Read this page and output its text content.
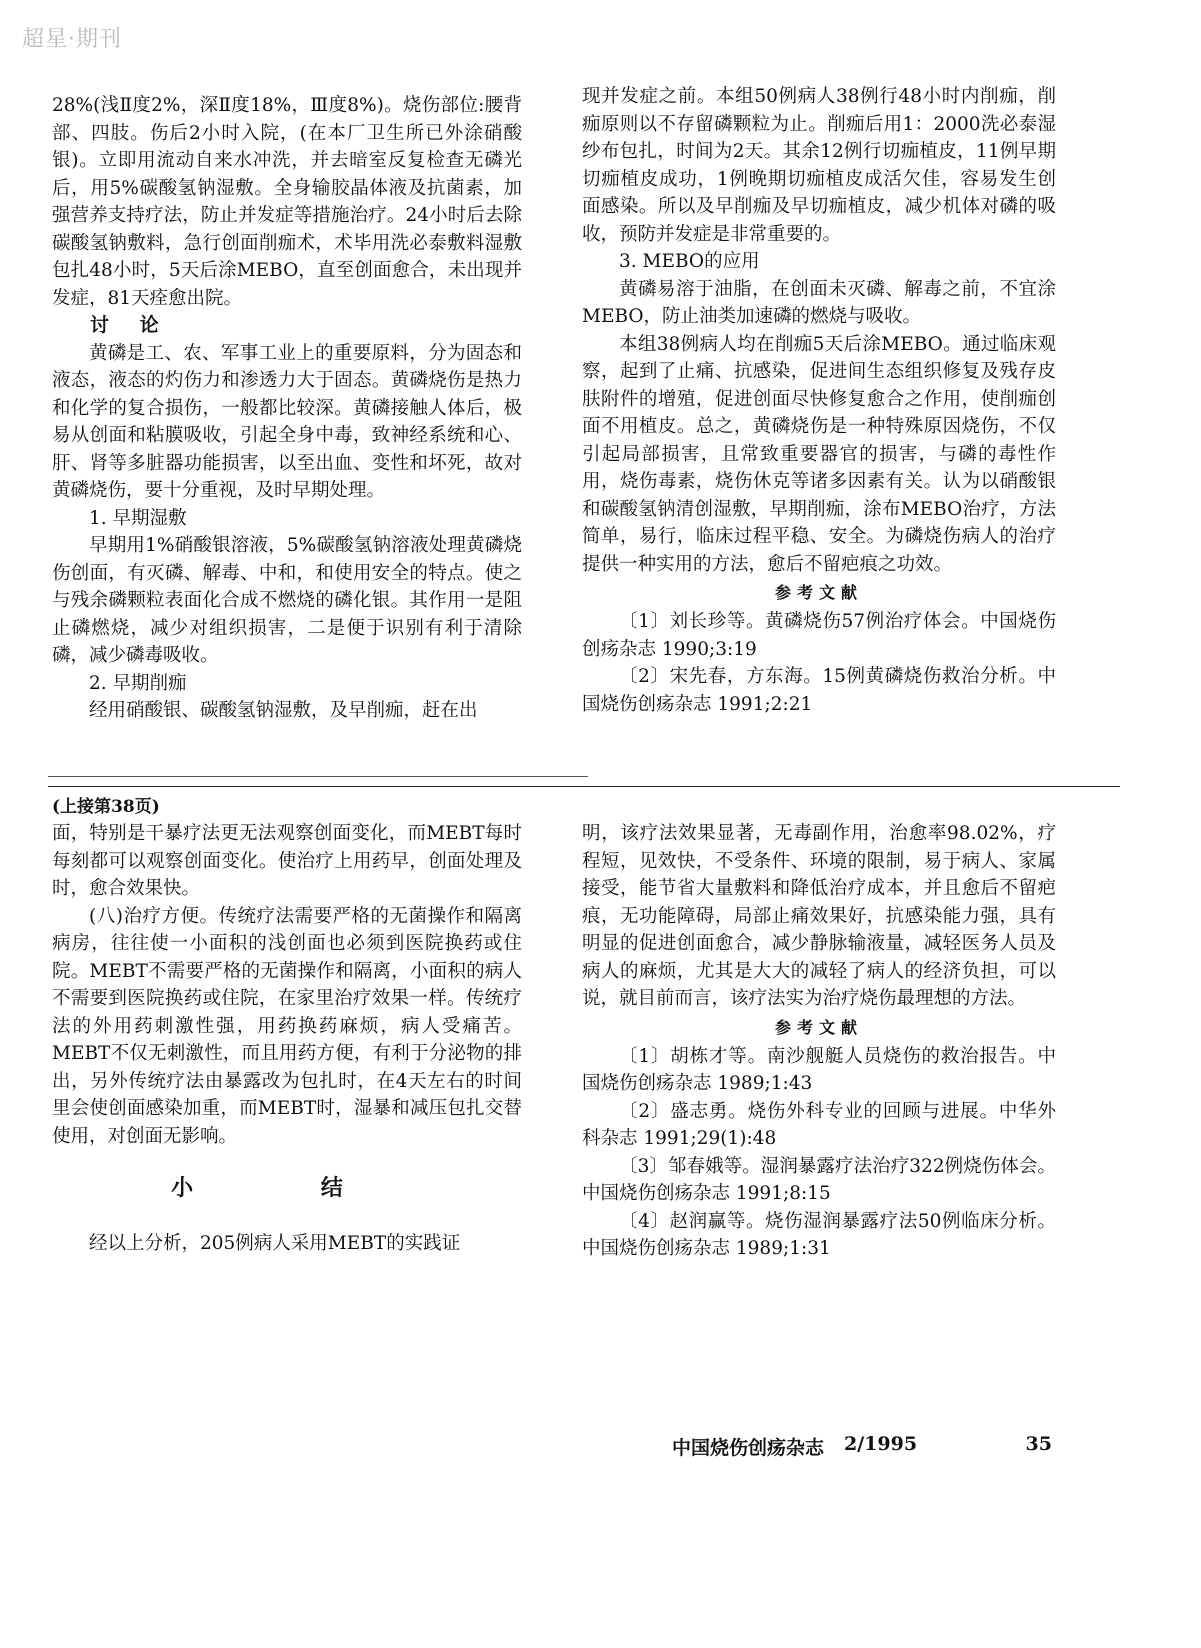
超星·期刊

28%(浅Ⅱ度2%，深Ⅱ度18%，Ⅲ度8%)。烧伤部位:腰背部、四肢。伤后2小时入院，(在本厂卫生所已外涂硝酸银)。立即用流动自来水冲洗，并去暗室反复检查无磷光后，用5%碳酸氢钠湿敷。全身输胶晶体液及抗菌素，加强营养支持疗法，防止并发症等措施治疗。24小时后去除碳酸氢钠敷料，急行创面削痂术，术毕用洗必泰敷料湿敷包扎48小时，5天后涂MEBO，直至创面愈合，未出现并发症，81天痊愈出院。

讨 论

黄磷是工、农、军事工业上的重要原料，分为固态和液态，液态的灼伤力和渗透力大于固态。黄磷烧伤是热力和化学的复合损伤，一般都比较深。黄磷接触人体后，极易从创面和粘膜吸收，引起全身中毒，致神经系统和心、肝、肾等多脏器功能损害，以至出血、变性和坏死，故对黄磷烧伤，要十分重视，及时早期处理。

1. 早期湿敷

早期用1%硝酸银溶液，5%碳酸氢钠溶液处理黄磷烧伤创面，有灭磷、解毒、中和，和使用安全的特点。使之与残余磷颗粒表面化合成不燃烧的磷化银。其作用一是阻止磷燃烧，减少对组织损害，二是便于识别有利于清除磷，减少磷毒吸收。

2. 早期削痂

经用硝酸银、碳酸氢钠湿敷，及早削痂，赶在出

现并发症之前。本组50例病人38例行48小时内削痂，削痂原则以不存留磷颗粒为止。削痂后用1：2000洗必泰湿纱布包扎，时间为2天。其余12例行切痂植皮，11例早期切痂植皮成功，1例晚期切痂植皮成活欠佳，容易发生创面感染。所以及早削痂及早切痂植皮，减少机体对磷的吸收，预防并发症是非常重要的。

3. MEBO的应用

黄磷易溶于油脂，在创面未灭磷、解毒之前，不宜涂MEBO，防止油类加速磷的燃烧与吸收。

本组38例病人均在削痂5天后涂MEBO。通过临床观察，起到了止痛、抗感染，促进间生态组织修复及残存皮肤附件的增殖，促进创面尽快修复愈合之作用，使削痂创面不用植皮。总之，黄磷烧伤是一种特殊原因烧伤，不仅引起局部损害，且常致重要器官的损害，与磷的毒性作用，烧伤毒素，烧伤休克等诸多因素有关。认为以硝酸银和碳酸氢钠清创湿敷，早期削痂，涂布MEBO治疗，方法简单，易行，临床过程平稳、安全。为磷烧伤病人的治疗提供一种实用的方法，愈后不留疤痕之功效。

参考文献

〔1〕刘长珍等。黄磷烧伤57例治疗体会。中国烧伤创疡杂志 1990;3:19

〔2〕宋先春，方东海。15例黄磷烧伤救治分析。中国烧伤创疡杂志 1991;2:21

(上接第38页)

面，特别是干暴疗法更无法观察创面变化，而MEBT每时每刻都可以观察创面变化。使治疗上用药早，创面处理及时，愈合效果快。

(八)治疗方便。传统疗法需要严格的无菌操作和隔离病房，往往使一小面积的浅创面也必须到医院换药或住院。MEBT不需要严格的无菌操作和隔离，小面积的病人不需要到医院换药或住院，在家里治疗效果一样。传统疗法的外用药刺激性强，用药换药麻烦，病人受痛苦。MEBT不仅无刺激性，而且用药方便，有利于分泌物的排出，另外传统疗法由暴露改为包扎时，在4天左右的时间里会使创面感染加重，而MEBT时，湿暴和减压包扎交替使用，对创面无影响。

小 结

经以上分析，205例病人采用MEBT的实践证

明，该疗法效果显著，无毒副作用，治愈率98.02%，疗程短，见效快，不受条件、环境的限制，易于病人、家属接受，能节省大量敷料和降低治疗成本，并且愈后不留疤痕，无功能障碍，局部止痛效果好，抗感染能力强，具有明显的促进创面愈合，减少静脉输液量，减轻医务人员及病人的麻烦，尤其是大大的减轻了病人的经济负担，可以说，就目前而言，该疗法实为治疗烧伤最理想的方法。

参考文献

〔1〕胡栋才等。南沙舰艇人员烧伤的救治报告。中国烧伤创疡杂志 1989;1:43

〔2〕盛志勇。烧伤外科专业的回顾与进展。中华外科杂志 1991;29(1):48

〔3〕邹春娥等。湿润暴露疗法治疗322例烧伤体会。中国烧伤创疡杂志 1991;8:15

〔4〕赵润赢等。烧伤湿润暴露疗法50例临床分析。中国烧伤创疡杂志 1989;1:31

中国烧伤创疡杂志 2/1995	35
